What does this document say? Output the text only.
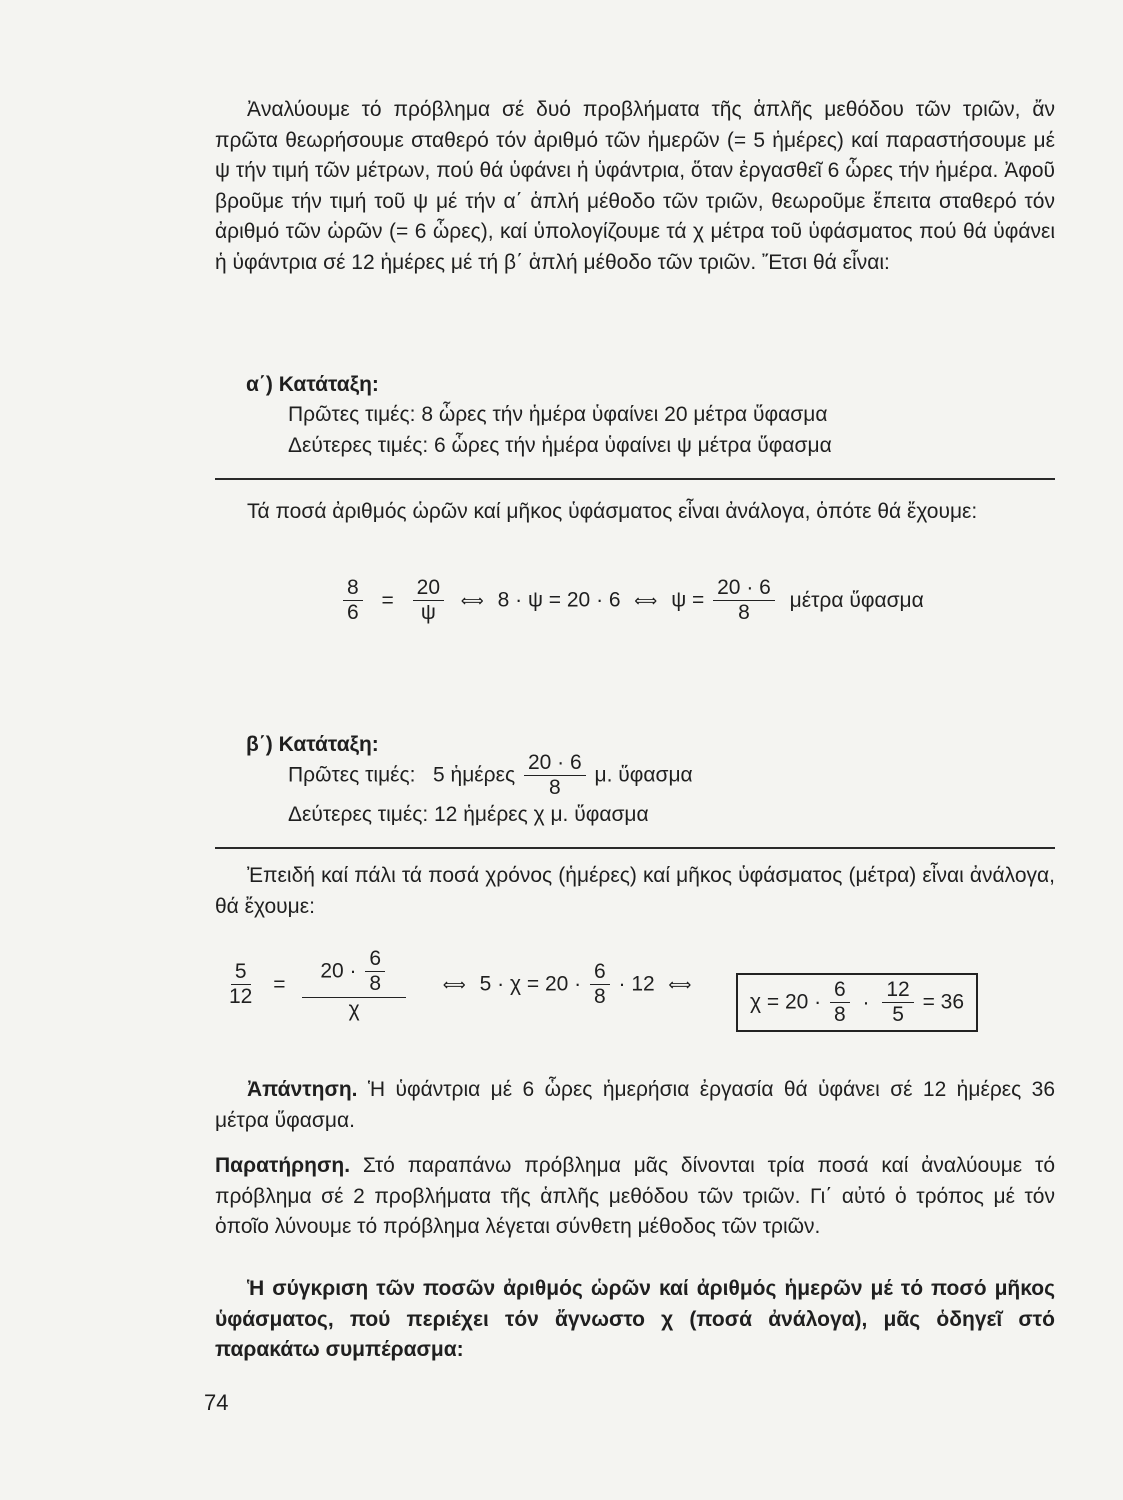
Ἀναλύουμε τό πρόβλημα σέ δυό προβλήματα τῆς ἁπλῆς μεθόδου τῶν τριῶν, ἄν πρῶτα θεωρήσουμε σταθερό τόν ἀριθμό τῶν ἡμερῶν (= 5 ἡμέρες) καί παραστήσουμε μέ ψ τήν τιμή τῶν μέτρων, πού θά ὑφάνει ἡ ὑφάντρια, ὅταν ἐργασθεῖ 6 ὧρες τήν ἡμέρα. Ἀφοῦ βροῦμε τήν τιμή τοῦ ψ μέ τήν α΄ ἁπλή μέθοδο τῶν τριῶν, θεωροῦμε ἔπειτα σταθερό τόν ἀριθμό τῶν ὡρῶν (= 6 ὧρες), καί ὑπολογίζουμε τά χ μέτρα τοῦ ὑφάσματος πού θά ὑφάνει ἡ ὑφάντρια σέ 12 ἡμέρες μέ τή β΄ ἁπλή μέθοδο τῶν τριῶν. Ἔτσι θά εἶναι:
α΄) Κατάταξη:
Πρῶτες τιμές: 8 ὧρες τήν ἡμέρα ὑφαίνει 20 μέτρα ὕφασμα
Δεύτερες τιμές: 6 ὧρες τήν ἡμέρα ὑφαίνει ψ μέτρα ὕφασμα
Τά ποσά ἀριθμός ὡρῶν καί μῆκος ὑφάσματος εἶναι ἀνάλογα, ὁπότε θά ἔχουμε:
$\frac{8}{6} = \frac{20}{\psi}$ ⟺ 8 · ψ = 20 · 6 ⟺ $\psi = \frac{20 \cdot 6}{8}$ μέτρα ὕφασμα
β΄) Κατάταξη:
Πρῶτες τιμές:   5 ἡμέρες $\frac{20 \cdot 6}{8} \mu$. ὕφασμα
Δεύτερες τιμές: 12 ἡμέρες χ μ. ὕφασμα
Ἐπειδή καί πάλι τά ποσά χρόνος (ἡμέρες) καί μῆκος ὑφάσματος (μέτρα) εἶναι ἀνάλογα, θά ἔχουμε:
$\frac{5}{12} = \frac{20 \cdot \frac{6}{8}}{\chi}$ ⟺ $5 \cdot \chi = 20 \cdot \frac{6}{8} \cdot 12$ ⟺
$\chi = 20 \cdot \frac{6}{8} \cdot \frac{12}{5} = 36$
Ἀπάντηση. Ἡ ὑφάντρια μέ 6 ὧρες ἡμερήσια ἐργασία θά ὑφάνει σέ 12 ἡμέρες 36 μέτρα ὕφασμα.
Παρατήρηση. Στό παραπάνω πρόβλημα μᾶς δίνονται τρία ποσά καί ἀναλύουμε τό πρόβλημα σέ 2 προβλήματα τῆς ἁπλῆς μεθόδου τῶν τριῶν. Γι΄ αὐτό ὁ τρόπος μέ τόν ὁποῖο λύνουμε τό πρόβλημα λέγεται σύνθετη μέθοδος τῶν τριῶν.
Ἡ σύγκριση τῶν ποσῶν ἀριθμός ὡρῶν καί ἀριθμός ἡμερῶν μέ τό ποσό μῆκος ὑφάσματος, πού περιέχει τόν ἄγνωστο χ (ποσά ἀνάλογα), μᾶς ὁδηγεῖ στό παρακάτω συμπέρασμα:
74
